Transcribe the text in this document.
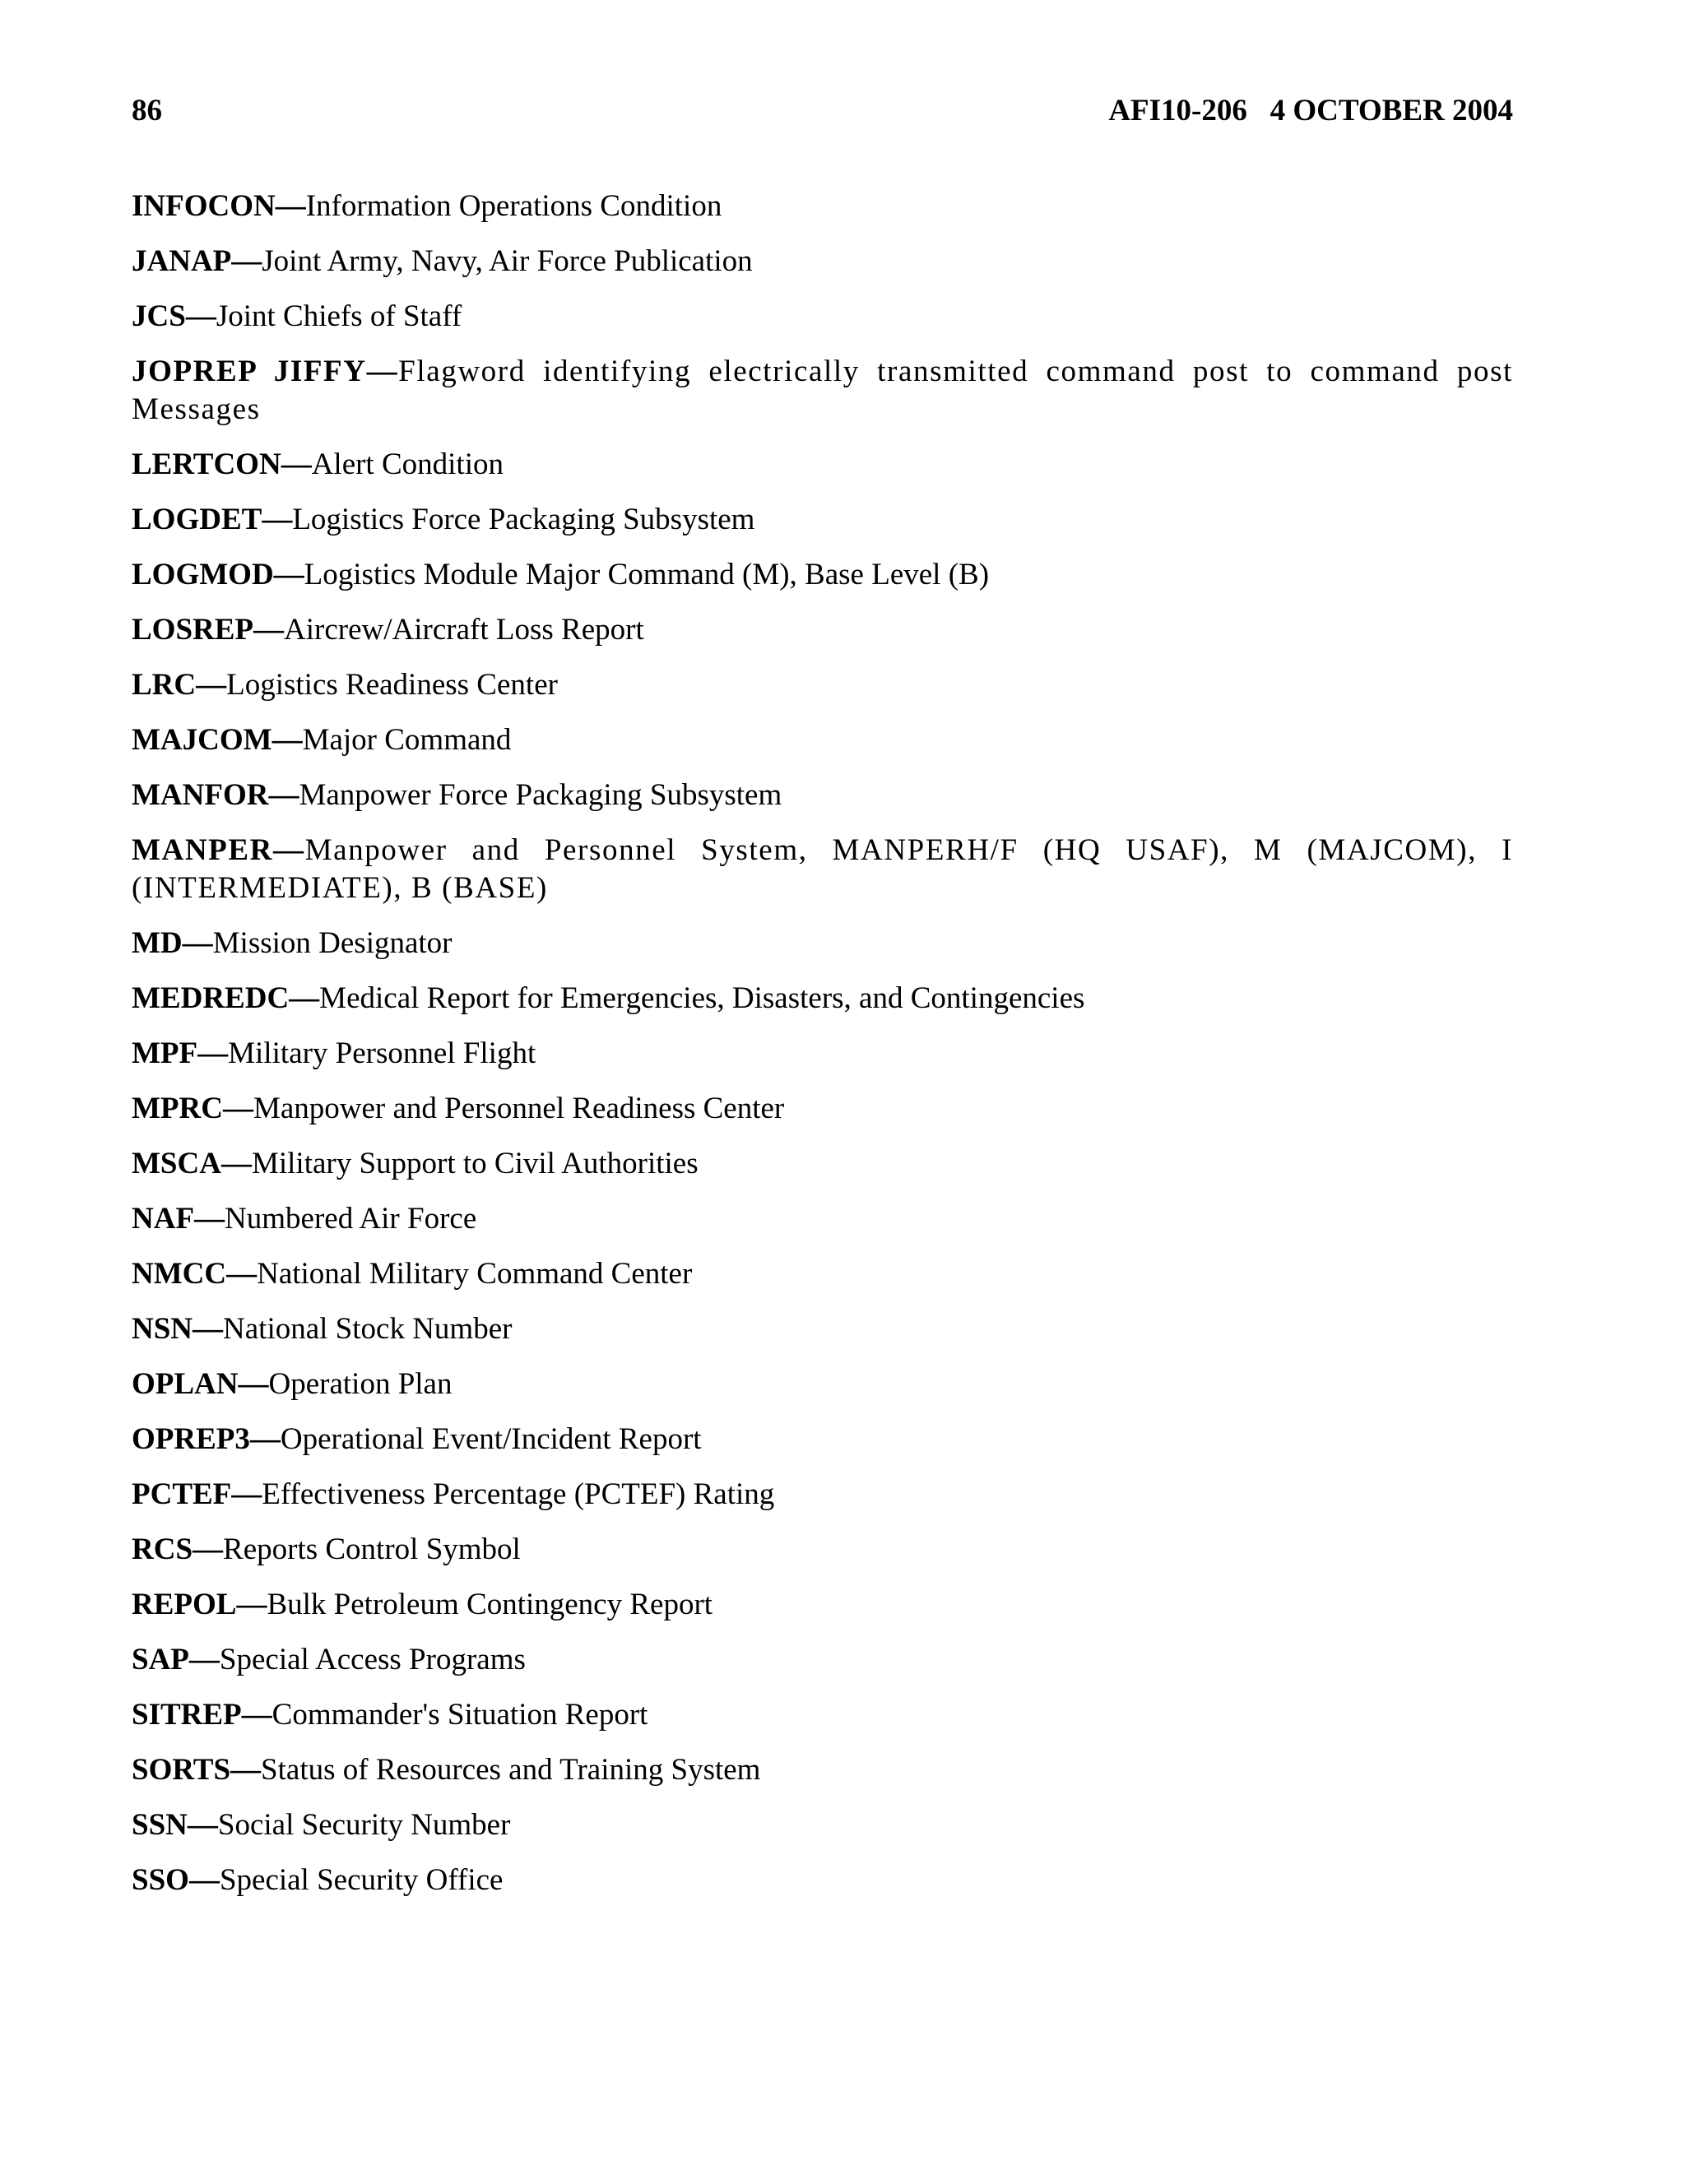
86	AFI10-206 4 OCTOBER 2004
INFOCON—Information Operations Condition
JANAP—Joint Army, Navy, Air Force Publication
JCS—Joint Chiefs of Staff
JOPREP JIFFY—Flagword identifying electrically transmitted command post to command post Messages
LERTCON—Alert Condition
LOGDET—Logistics Force Packaging Subsystem
LOGMOD—Logistics Module Major Command (M), Base Level (B)
LOSREP—Aircrew/Aircraft Loss Report
LRC—Logistics Readiness Center
MAJCOM—Major Command
MANFOR—Manpower Force Packaging Subsystem
MANPER—Manpower and Personnel System, MANPERH/F (HQ USAF), M (MAJCOM), I (INTERMEDIATE), B (BASE)
MD—Mission Designator
MEDREDC—Medical Report for Emergencies, Disasters, and Contingencies
MPF—Military Personnel Flight
MPRC—Manpower and Personnel Readiness Center
MSCA—Military Support to Civil Authorities
NAF—Numbered Air Force
NMCC—National Military Command Center
NSN—National Stock Number
OPLAN—Operation Plan
OPREP3—Operational Event/Incident Report
PCTEF—Effectiveness Percentage (PCTEF) Rating
RCS—Reports Control Symbol
REPOL—Bulk Petroleum Contingency Report
SAP—Special Access Programs
SITREP—Commander's Situation Report
SORTS—Status of Resources and Training System
SSN—Social Security Number
SSO—Special Security Office
